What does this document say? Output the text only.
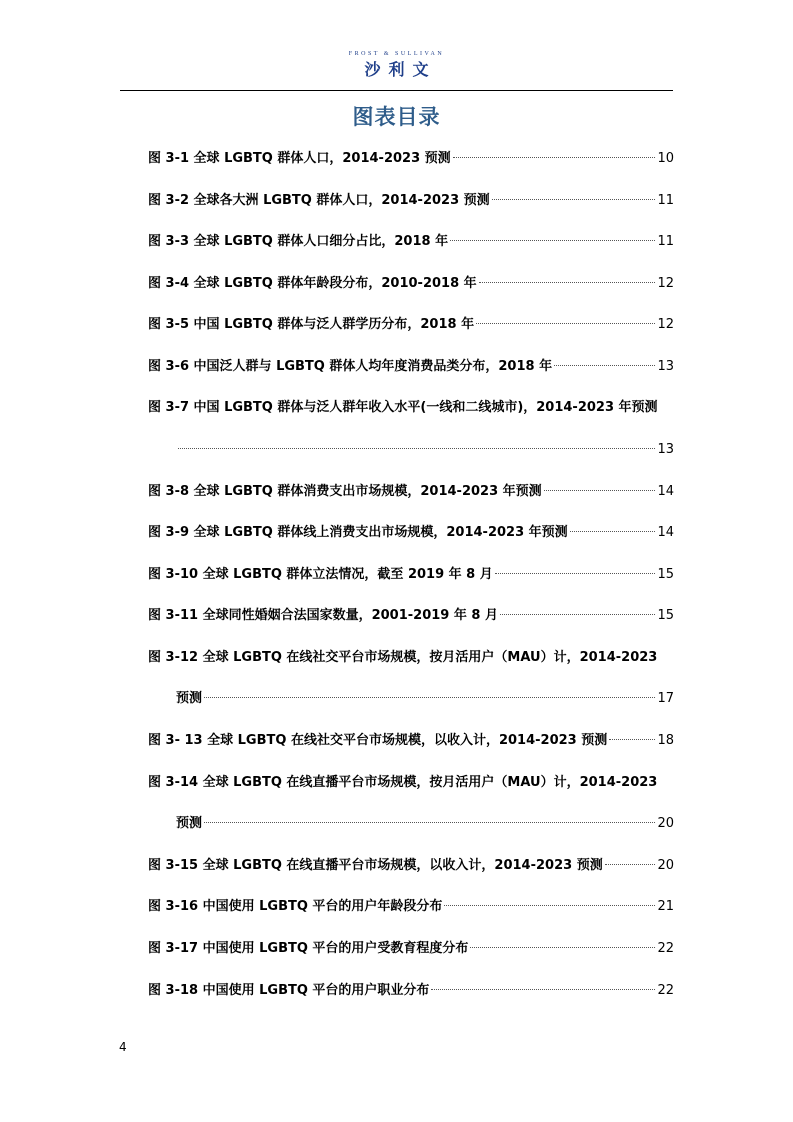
FROST & SULLIVAN
沙利文
图表目录
图 3-1 全球 LGBTQ 群体人口，2014-2023 预测	10
图 3-2 全球各大洲 LGBTQ 群体人口，2014-2023 预测	11
图 3-3 全球 LGBTQ 群体人口细分占比，2018 年	11
图 3-4 全球 LGBTQ 群体年龄段分布，2010-2018 年	12
图 3-5 中国 LGBTQ 群体与泛人群学历分布，2018 年	12
图 3-6 中国泛人群与 LGBTQ 群体人均年度消费品类分布，2018 年	13
图 3-7 中国 LGBTQ 群体与泛人群年收入水平(一线和二线城市)，2014-2023 年预测
13
图 3-8 全球 LGBTQ 群体消费支出市场规模，2014-2023 年预测	14
图 3-9 全球 LGBTQ 群体线上消费支出市场规模，2014-2023 年预测	14
图 3-10 全球 LGBTQ 群体立法情况，截至 2019 年 8 月	15
图 3-11 全球同性婚姻合法国家数量，2001-2019 年 8 月	15
图 3-12 全球 LGBTQ 在线社交平台市场规模，按月活用户（MAU）计，2014-2023
预测	17
图 3- 13 全球 LGBTQ 在线社交平台市场规模，以收入计，2014-2023 预测	18
图 3-14 全球 LGBTQ 在线直播平台市场规模，按月活用户（MAU）计，2014-2023
预测	20
图 3-15 全球 LGBTQ 在线直播平台市场规模，以收入计，2014-2023 预测	20
图 3-16 中国使用 LGBTQ 平台的用户年龄段分布	21
图 3-17 中国使用 LGBTQ 平台的用户受教育程度分布	22
图 3-18 中国使用 LGBTQ 平台的用户职业分布	22
4
